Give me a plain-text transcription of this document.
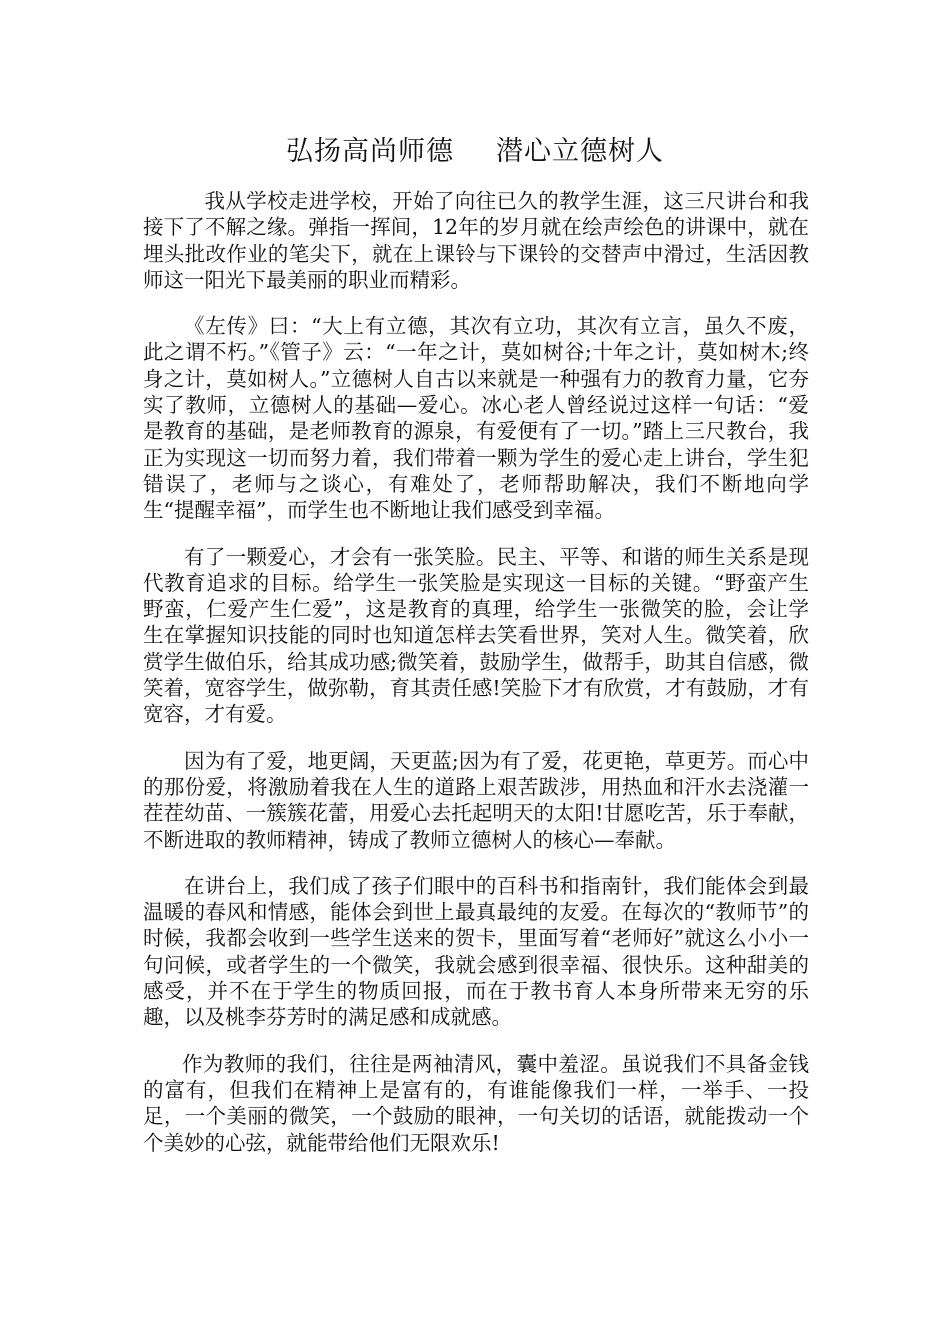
弘扬高尚师德 潜心立德树人

我从学校走进学校，开始了向往已久的教学生涯，这三尺讲台和我接下了不解之缘。弹指一挥间，12年的岁月就在绘声绘色的讲课中，就在埋头批改作业的笔尖下，就在上课铃与下课铃的交替声中滑过，生活因教师这一阳光下最美丽的职业而精彩。

《左传》曰：“大上有立德，其次有立功，其次有立言，虽久不废，此之谓不朽。”《管子》云：“一年之计，莫如树谷;十年之计，莫如树木;终身之计，莫如树人。”立德树人自古以来就是一种强有力的教育力量，它夯实了教师，立德树人的基础—爱心。冰心老人曾经说过这样一句话：“爱是教育的基础，是老师教育的源泉，有爱便有了一切。”踏上三尺教台，我正为实现这一切而努力着，我们带着一颗为学生的爱心走上讲台，学生犯错误了，老师与之谈心，有难处了，老师帮助解决，我们不断地向学生“提醒幸福”，而学生也不断地让我们感受到幸福。

有了一颗爱心，才会有一张笑脸。民主、平等、和谐的师生关系是现代教育追求的目标。给学生一张笑脸是实现这一目标的关键。“野蛮产生野蛮，仁爱产生仁爱”，这是教育的真理，给学生一张微笑的脸，会让学生在掌握知识技能的同时也知道怎样去笑看世界，笑对人生。微笑着，欣赏学生做伯乐，给其成功感;微笑着，鼓励学生，做帮手，助其自信感，微笑着，宽容学生，做弥勒，育其责任感!笑脸下才有欣赏，才有鼓励，才有宽容，才有爱。

因为有了爱，地更阔，天更蓝;因为有了爱，花更艳，草更芳。而心中的那份爱，将激励着我在人生的道路上艰苦跋涉，用热血和汗水去浇灌一茬茬幼苗、一簇簇花蕾，用爱心去托起明天的太阳!甘愿吃苦，乐于奉献，不断进取的教师精神，铸成了教师立德树人的核心—奉献。

在讲台上，我们成了孩子们眼中的百科书和指南针，我们能体会到最温暖的春风和情感，能体会到世上最真最纯的友爱。在每次的“教师节”的时候，我都会收到一些学生送来的贺卡，里面写着“老师好”就这么小小一句问候，或者学生的一个微笑，我就会感到很幸福、很快乐。这种甜美的感受，并不在于学生的物质回报，而在于教书育人本身所带来无穷的乐趣，以及桃李芬芳时的满足感和成就感。

作为教师的我们，往往是两袖清风，囊中羞涩。虽说我们不具备金钱的富有，但我们在精神上是富有的，有谁能像我们一样，一举手、一投足，一个美丽的微笑，一个鼓励的眼神，一句关切的话语，就能拨动一个个美妙的心弦，就能带给他们无限欢乐!
